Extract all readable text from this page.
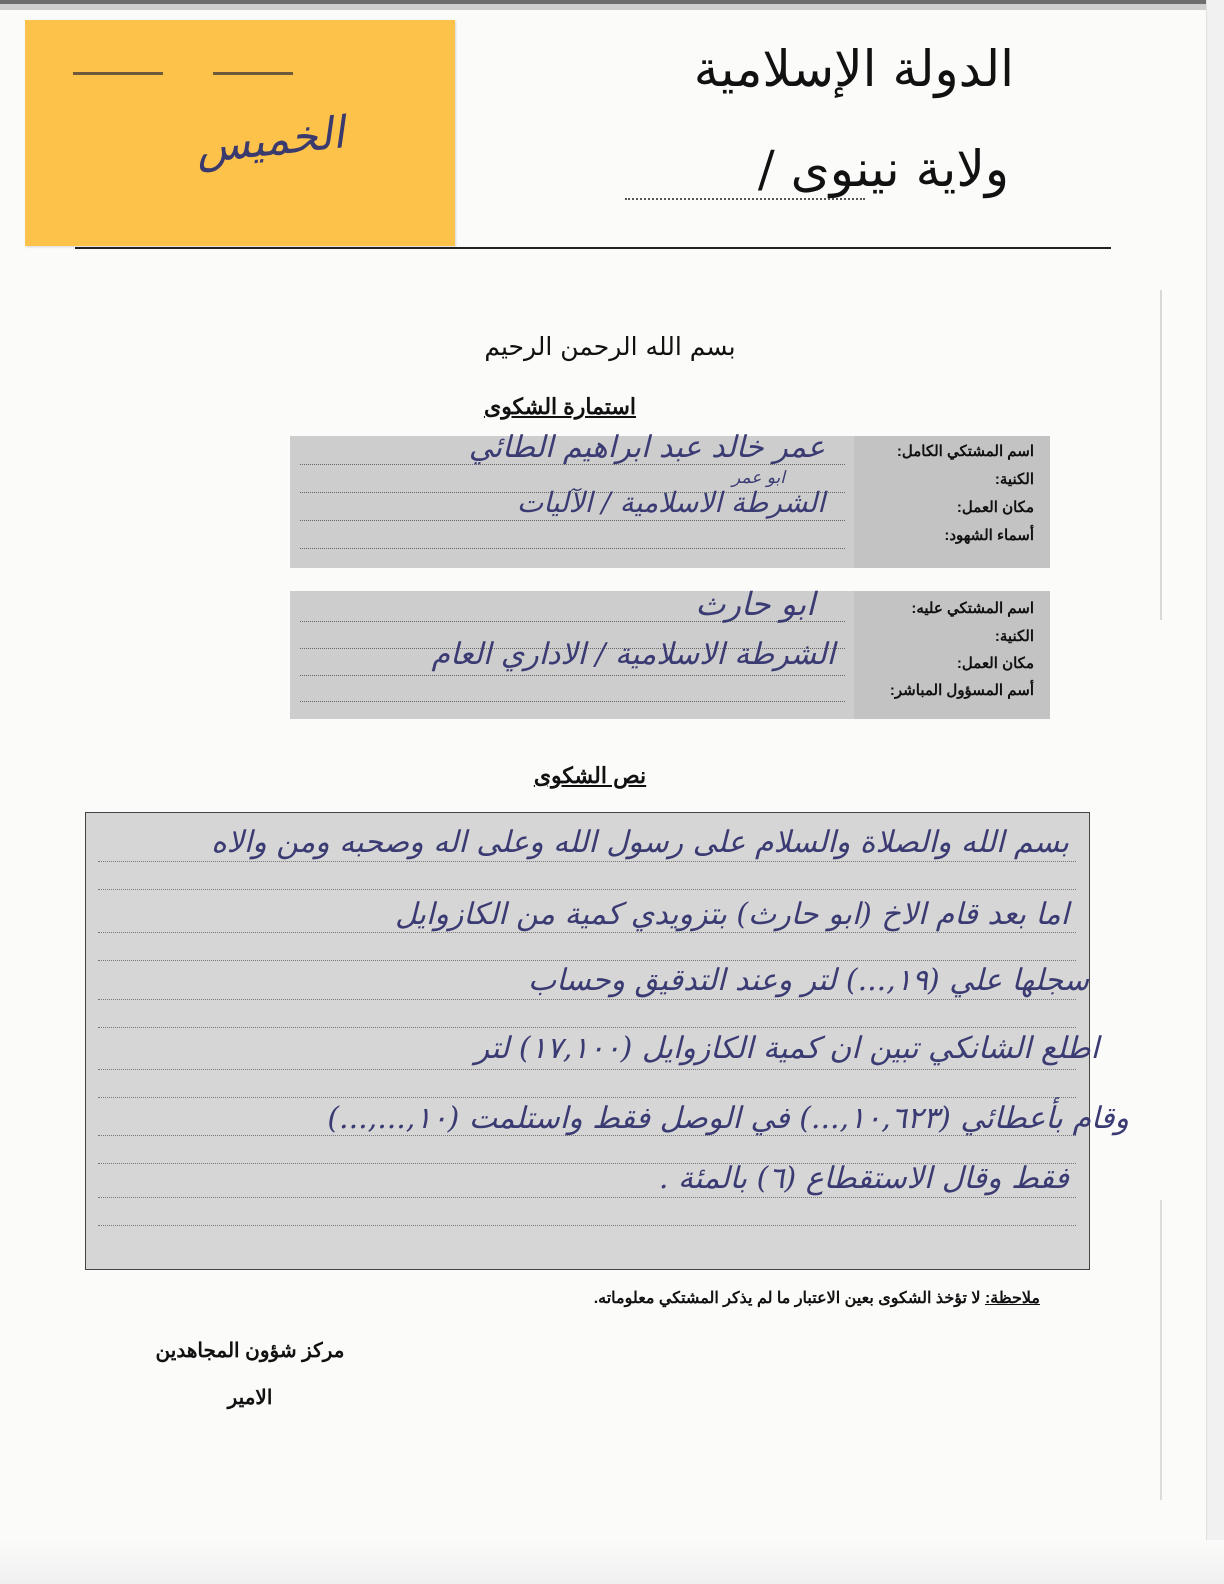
الخميس
الدولة الإسلامية
ولاية نينوى /
بسم الله الرحمن الرحيم
استمارة الشكوى
اسم المشتكي الكامل:
الكنية:
مكان العمل:
أسماء الشهود:
عمر خالد عبد ابراهيم الطائي
ابو عمر
الشرطة الاسلامية / الآليات
اسم المشتكي عليه:
الكنية:
مكان العمل:
أسم المسؤول المباشر:
ابو حارث
الشرطة الاسلامية / الاداري العام
نص الشكوى
بسم الله والصلاة والسلام على رسول الله وعلى اله وصحبه ومن والاه
اما بعد قام الاخ (ابو حارث) بتزويدي كمية من الكازوايل
سجلها علي (١٩,...) لتر وعند التدقيق وحساب
اطلع الشانكي تبين ان كمية الكازوايل (١٧,١٠٠) لتر
وقام بأعطائي (١٠,٦٢٣,...) في الوصل فقط واستلمت (١٠,...,...)
فقط وقال الاستقطاع (٦) بالمئة .
ملاحظة: لا تؤخذ الشكوى بعين الاعتبار ما لم يذكر المشتكي معلوماته.
مركز شؤون المجاهدين
الامير
